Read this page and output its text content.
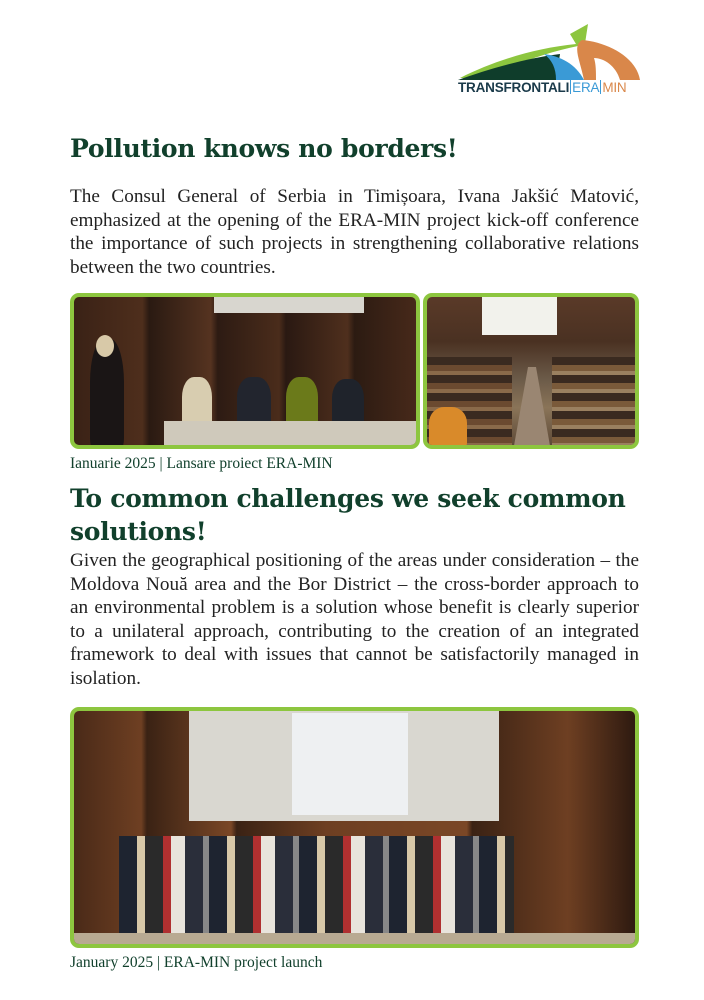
TRANSFRONTALI ERA MIN
Pollution knows no borders!

The Consul General of Serbia in Timișoara, Ivana Jakšić Matović, emphasized at the opening of the ERA-MIN project kick-off conference the importance of such projects in strengthening collaborative relations between the two countries.

Ianuarie 2025 | Lansare proiect ERA-MIN
To common challenges we seek common solutions!

Given the geographical positioning of the areas under consideration – the Moldova Nouă area and the Bor District – the cross-border approach to an environmental problem is a solution whose benefit is clearly superior to a unilateral approach, contributing to the creation of an integrated framework to deal with issues that cannot be satisfactorily managed in isolation.

January 2025 | ERA-MIN project launch
